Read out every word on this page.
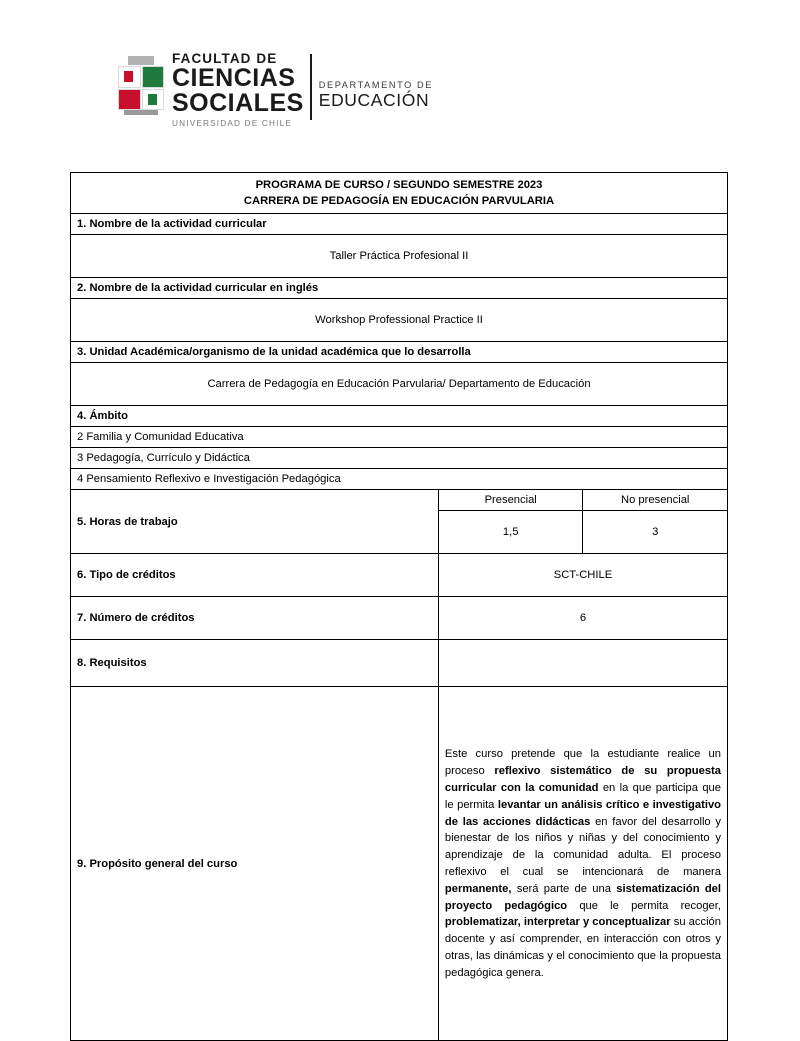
FACULTAD DE
CIENCIAS
SOCIALES
UNIVERSIDAD DE CHILE
DEPARTAMENTO DE
EDUCACIÓN
PROGRAMA DE CURSO / SEGUNDO SEMESTRE 2023
CARRERA DE PEDAGOGÍA EN EDUCACIÓN PARVULARIA		

1. Nombre de la actividad curricular		
Taller Práctica Profesional II		
2. Nombre de la actividad curricular en inglés		
Workshop Professional Practice II		
3. Unidad Académica/organismo de la unidad académica que lo desarrolla		
Carrera de Pedagogía en Educación Parvularia/ Departamento de Educación		
4. Ámbito		
2 Familia y Comunidad Educativa		
3 Pedagogía, Currículo y Didáctica		
4 Pensamiento Reflexivo e Investigación Pedagógica		
5. Horas de trabajo	Presencial	No presencial
	1,5	3
6. Tipo de créditos	SCT-CHILE	
7. Número de créditos	6	
8. Requisitos		
9. Propósito general del curso	Este curso pretende que la estudiante realice un proceso reflexivo sistemático de su propuesta curricular con la comunidad en la que participa que le permita levantar un análisis crítico e investigativo de las acciones didácticas en favor del desarrollo y bienestar de los niños y niñas y del conocimiento y aprendizaje de la comunidad adulta. El proceso reflexivo el cual se intencionará de manera permanente, será parte de una sistematización del proyecto pedagógico que le permita recoger, problematizar, interpretar y conceptualizar su acción docente y así comprender, en interacción con otros y otras, las dinámicas y el conocimiento que la propuesta pedagógica genera.	
